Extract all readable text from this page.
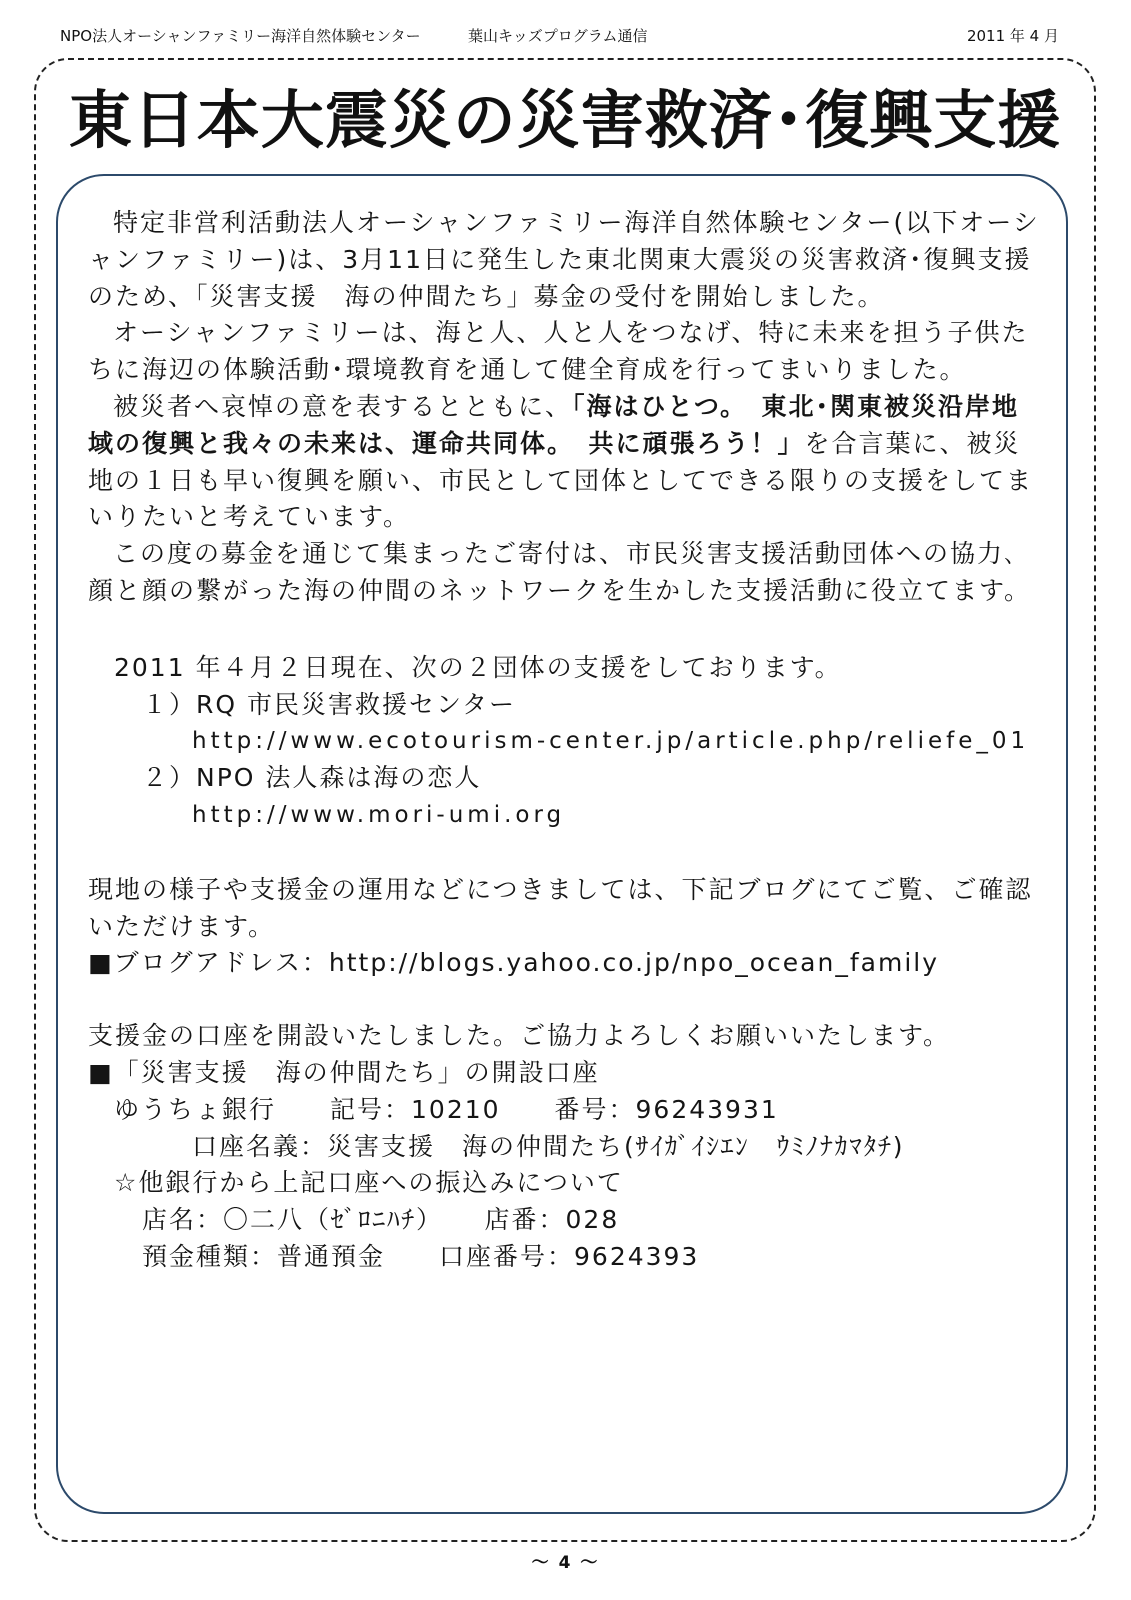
NPO法人オーシャンファミリー海洋自然体験センター	葉山キッズプログラム通信	2011 年 4 月
東日本大震災の災害救済･復興支援

特定非営利活動法人オーシャンファミリー海洋自然体験センター(以下オーシャンファミリー)は、3月11日に発生した東北関東大震災の災害救済･復興支援のため、「災害支援　海の仲間たち」募金の受付を開始しました。

オーシャンファミリーは、海と人、人と人をつなげ、特に未来を担う子供たちに海辺の体験活動･環境教育を通して健全育成を行ってまいりました。

被災者へ哀悼の意を表するとともに、「海はひとつ。　東北･関東被災沿岸地域の復興と我々の未来は、運命共同体。　共に頑張ろう！」を合言葉に、被災地の１日も早い復興を願い、市民として団体としてできる限りの支援をしてまいりたいと考えています。

この度の募金を通じて集まったご寄付は、市民災害支援活動団体への協力､顔と顔の繋がった海の仲間のネットワークを生かした支援活動に役立てます。

2011 年４月２日現在、次の２団体の支援をしております。

１）RQ 市民災害救援センター

http://www.ecotourism-center.jp/article.php/reliefe_01

２）NPO 法人森は海の恋人

http://www.mori-umi.org

現地の様子や支援金の運用などにつきましては、下記ブログにてご覧、ご確認いただけます。

■ブログアドレス：http://blogs.yahoo.co.jp/npo_ocean_family

支援金の口座を開設いたしました。ご協力よろしくお願いいたします。

■「災害支援　海の仲間たち」の開設口座

ゆうちょ銀行　　記号：10210　　番号：96243931

口座名義：災害支援　海の仲間たち(ｻｲｶﾞｲｼｴﾝ　ｳﾐﾉﾅｶﾏﾀﾁ)

☆他銀行から上記口座への振込みについて

店名：〇二八（ｾﾞﾛﾆﾊﾁ）　　店番：028

預金種類：普通預金　　口座番号：9624393

～ 4 ～
